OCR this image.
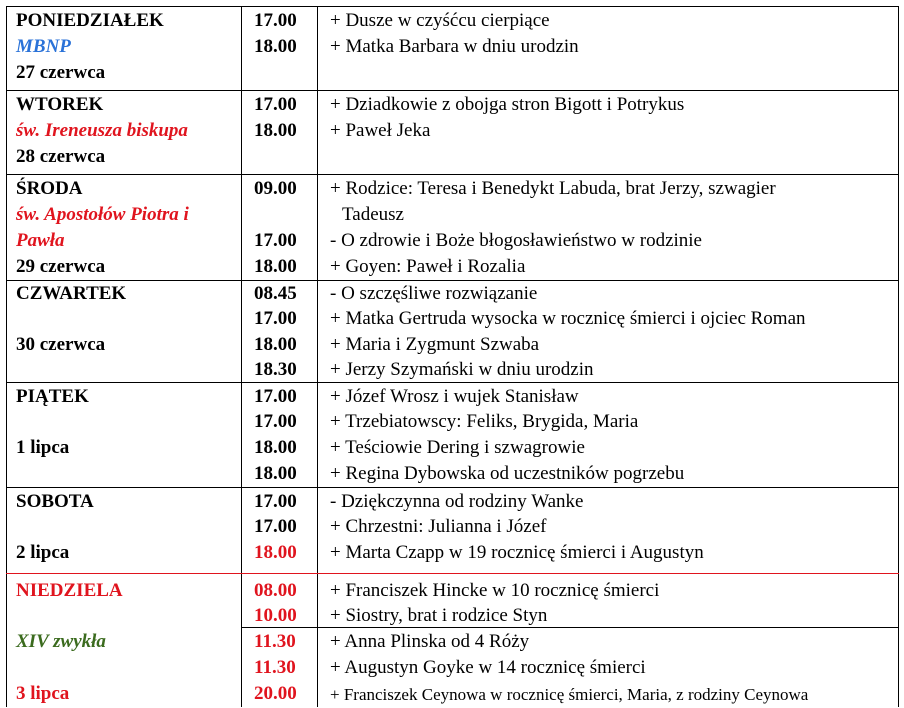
PONIEDZIAŁEK
MBNP
27 czerwca
17.00 + Dusze w czyśćcu cierpiące
18.00 + Matka Barbara w dniu urodzin
WTOREK
św. Ireneusza biskupa
28 czerwca
17.00 + Dziadkowie z obojga stron Bigott i Potrykus
18.00 + Paweł Jeka
ŚRODA
św. Apostołów Piotra i
Pawła
29 czerwca
09.00 + Rodzice: Teresa i Benedykt Labuda, brat Jerzy, szwagier
Tadeusz
17.00 - O zdrowie i Boże błogosławieństwo w rodzinie
18.00 + Goyen: Paweł i Rozalia
CZWARTEK
30 czerwca
08.45 - O szczęśliwe rozwiązanie
17.00 + Matka Gertruda wysocka w rocznicę śmierci i ojciec Roman
18.00 + Maria i Zygmunt Szwaba
18.30 + Jerzy Szymański w dniu urodzin
PIĄTEK
1 lipca
17.00 + Józef Wrosz i wujek Stanisław
17.00 + Trzebiatowscy: Feliks, Brygida, Maria
18.00 + Teściowie Dering i szwagrowie
18.00 + Regina Dybowska od uczestników pogrzebu
SOBOTA
2 lipca
17.00 - Dziękczynna od rodziny Wanke
17.00 + Chrzestni: Julianna i Józef
18.00 + Marta Czapp w 19 rocznicę śmierci i Augustyn
NIEDZIELA
XIV zwykła
3 lipca
08.00 + Franciszek Hincke w 10 rocznicę śmierci
10.00 + Siostry, brat i rodzice Styn
11.30 + Anna Plinska od 4 Róży
11.30 + Augustyn Goyke w 14 rocznicę śmierci
20.00 + Franciszek Ceynowa w rocznicę śmierci, Maria, z rodziny Ceynowa
